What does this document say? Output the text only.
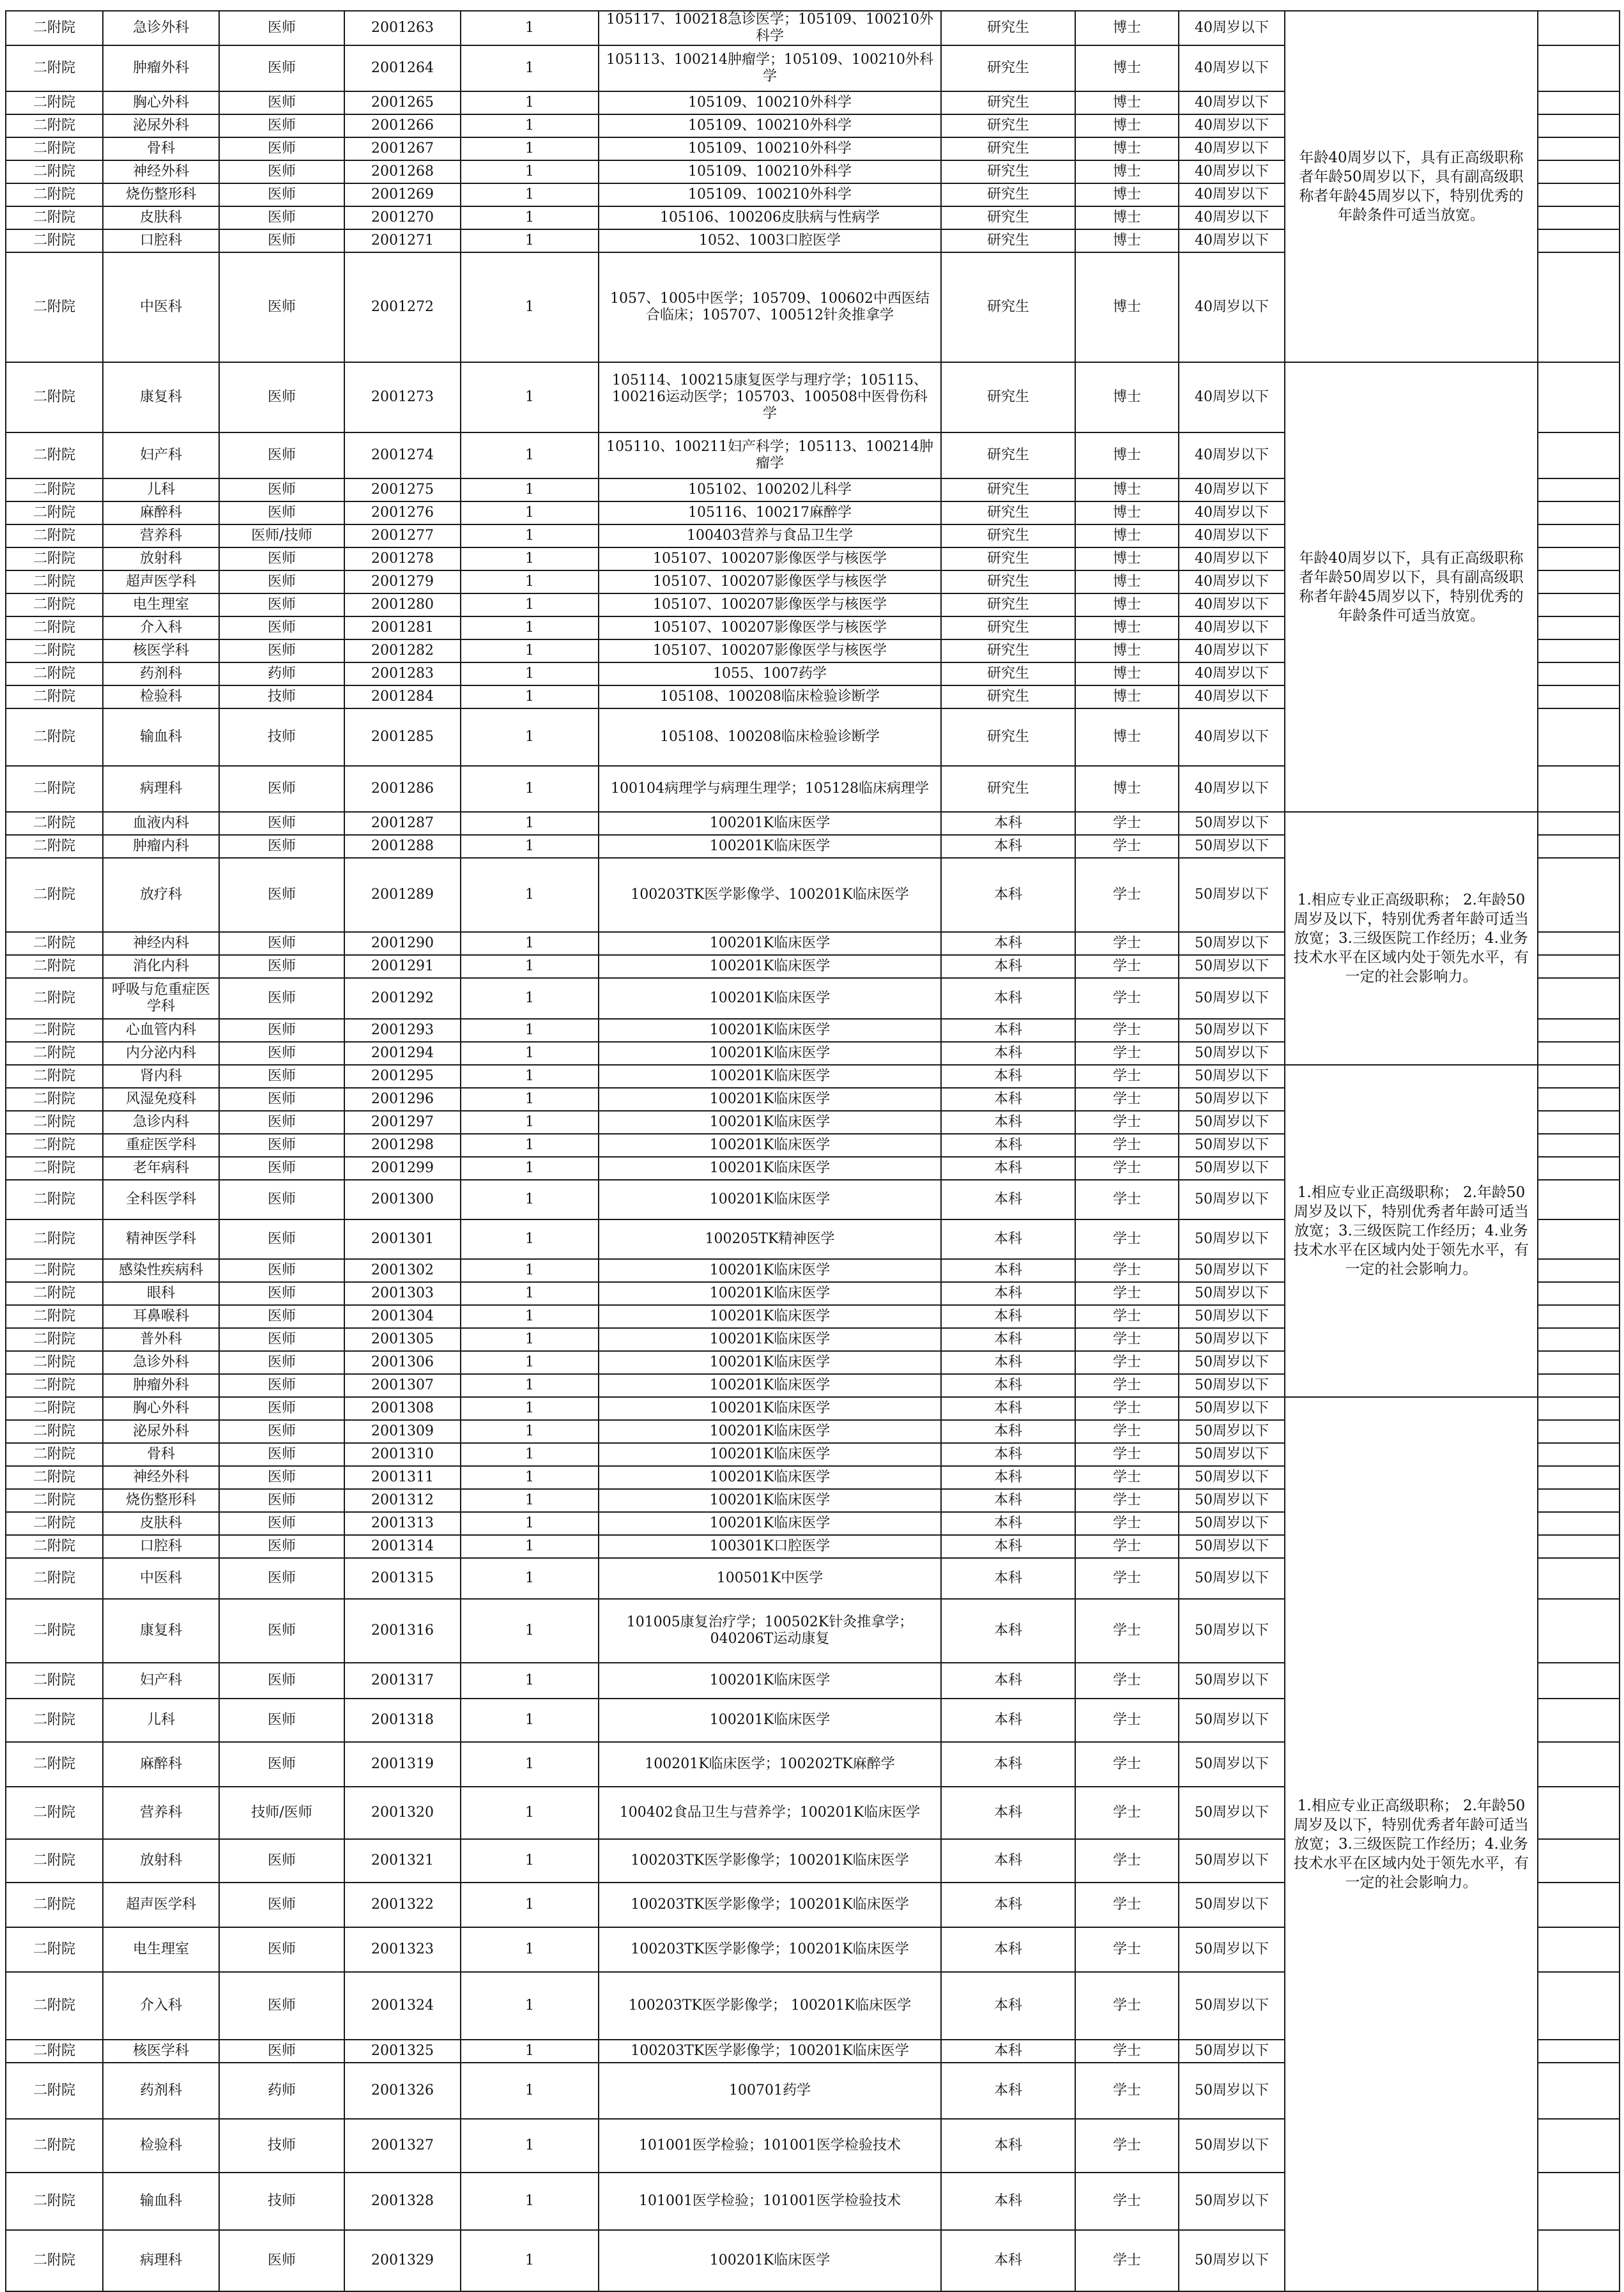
二附院	急诊外科	医师	2001263	1	105117、100218急诊医学；105109、100210外科学	研究生	博士	40周岁以下	年龄40周岁以下，具有正高级职称者年龄50周岁以下，具有副高级职称者年龄45周岁以下，特别优秀的年龄条件可适当放宽。	
二附院	肿瘤外科	医师	2001264	1	105113、100214肿瘤学；105109、100210外科学	研究生	博士	40周岁以下		
二附院	胸心外科	医师	2001265	1	105109、100210外科学	研究生	博士	40周岁以下		
二附院	泌尿外科	医师	2001266	1	105109、100210外科学	研究生	博士	40周岁以下		
二附院	骨科	医师	2001267	1	105109、100210外科学	研究生	博士	40周岁以下		
二附院	神经外科	医师	2001268	1	105109、100210外科学	研究生	博士	40周岁以下		
二附院	烧伤整形科	医师	2001269	1	105109、100210外科学	研究生	博士	40周岁以下		
二附院	皮肤科	医师	2001270	1	105106、100206皮肤病与性病学	研究生	博士	40周岁以下		
二附院	口腔科	医师	2001271	1	1052、1003口腔医学	研究生	博士	40周岁以下		
二附院	中医科	医师	2001272	1	1057、1005中医学；105709、100602中西医结合临床；105707、100512针灸推拿学	研究生	博士	40周岁以下		
二附院	康复科	医师	2001273	1	105114、100215康复医学与理疗学；105115、100216运动医学；105703、100508中医骨伤科学	研究生	博士	40周岁以下	年龄40周岁以下，具有正高级职称者年龄50周岁以下，具有副高级职称者年龄45周岁以下，特别优秀的年龄条件可适当放宽。	
二附院	妇产科	医师	2001274	1	105110、100211妇产科学；105113、100214肿瘤学	研究生	博士	40周岁以下		
二附院	儿科	医师	2001275	1	105102、100202儿科学	研究生	博士	40周岁以下		
二附院	麻醉科	医师	2001276	1	105116、100217麻醉学	研究生	博士	40周岁以下		
二附院	营养科	医师/技师	2001277	1	100403营养与食品卫生学	研究生	博士	40周岁以下		
二附院	放射科	医师	2001278	1	105107、100207影像医学与核医学	研究生	博士	40周岁以下		
二附院	超声医学科	医师	2001279	1	105107、100207影像医学与核医学	研究生	博士	40周岁以下		
二附院	电生理室	医师	2001280	1	105107、100207影像医学与核医学	研究生	博士	40周岁以下		
二附院	介入科	医师	2001281	1	105107、100207影像医学与核医学	研究生	博士	40周岁以下		
二附院	核医学科	医师	2001282	1	105107、100207影像医学与核医学	研究生	博士	40周岁以下		
二附院	药剂科	药师	2001283	1	1055、1007药学	研究生	博士	40周岁以下		
二附院	检验科	技师	2001284	1	105108、100208临床检验诊断学	研究生	博士	40周岁以下		
二附院	输血科	技师	2001285	1	105108、100208临床检验诊断学	研究生	博士	40周岁以下		
二附院	病理科	医师	2001286	1	100104病理学与病理生理学；105128临床病理学	研究生	博士	40周岁以下		
二附院	血液内科	医师	2001287	1	100201K临床医学	本科	学士	50周岁以下	1.相应专业正高级职称； 2.年龄50周岁及以下，特别优秀者年龄可适当放宽；3.三级医院工作经历；4.业务技术水平在区域内处于领先水平，有一定的社会影响力。	
二附院	肿瘤内科	医师	2001288	1	100201K临床医学	本科	学士	50周岁以下		
二附院	放疗科	医师	2001289	1	100203TK医学影像学、100201K临床医学	本科	学士	50周岁以下		
二附院	神经内科	医师	2001290	1	100201K临床医学	本科	学士	50周岁以下		
二附院	消化内科	医师	2001291	1	100201K临床医学	本科	学士	50周岁以下		
二附院	呼吸与危重症医学科	医师	2001292	1	100201K临床医学	本科	学士	50周岁以下		
二附院	心血管内科	医师	2001293	1	100201K临床医学	本科	学士	50周岁以下		
二附院	内分泌内科	医师	2001294	1	100201K临床医学	本科	学士	50周岁以下		
二附院	肾内科	医师	2001295	1	100201K临床医学	本科	学士	50周岁以下	1.相应专业正高级职称； 2.年龄50周岁及以下，特别优秀者年龄可适当放宽；3.三级医院工作经历；4.业务技术水平在区域内处于领先水平，有一定的社会影响力。	
二附院	风湿免疫科	医师	2001296	1	100201K临床医学	本科	学士	50周岁以下		
二附院	急诊内科	医师	2001297	1	100201K临床医学	本科	学士	50周岁以下		
二附院	重症医学科	医师	2001298	1	100201K临床医学	本科	学士	50周岁以下		
二附院	老年病科	医师	2001299	1	100201K临床医学	本科	学士	50周岁以下		
二附院	全科医学科	医师	2001300	1	100201K临床医学	本科	学士	50周岁以下		
二附院	精神医学科	医师	2001301	1	100205TK精神医学	本科	学士	50周岁以下		
二附院	感染性疾病科	医师	2001302	1	100201K临床医学	本科	学士	50周岁以下		
二附院	眼科	医师	2001303	1	100201K临床医学	本科	学士	50周岁以下		
二附院	耳鼻喉科	医师	2001304	1	100201K临床医学	本科	学士	50周岁以下		
二附院	普外科	医师	2001305	1	100201K临床医学	本科	学士	50周岁以下		
二附院	急诊外科	医师	2001306	1	100201K临床医学	本科	学士	50周岁以下		
二附院	肿瘤外科	医师	2001307	1	100201K临床医学	本科	学士	50周岁以下		
二附院	胸心外科	医师	2001308	1	100201K临床医学	本科	学士	50周岁以下	1.相应专业正高级职称； 2.年龄50周岁及以下，特别优秀者年龄可适当放宽；3.三级医院工作经历；4.业务技术水平在区域内处于领先水平，有一定的社会影响力。	
二附院	泌尿外科	医师	2001309	1	100201K临床医学	本科	学士	50周岁以下		
二附院	骨科	医师	2001310	1	100201K临床医学	本科	学士	50周岁以下		
二附院	神经外科	医师	2001311	1	100201K临床医学	本科	学士	50周岁以下		
二附院	烧伤整形科	医师	2001312	1	100201K临床医学	本科	学士	50周岁以下		
二附院	皮肤科	医师	2001313	1	100201K临床医学	本科	学士	50周岁以下		
二附院	口腔科	医师	2001314	1	100301K口腔医学	本科	学士	50周岁以下		
二附院	中医科	医师	2001315	1	100501K中医学	本科	学士	50周岁以下		
二附院	康复科	医师	2001316	1	101005康复治疗学；100502K针灸推拿学；040206T运动康复	本科	学士	50周岁以下		
二附院	妇产科	医师	2001317	1	100201K临床医学	本科	学士	50周岁以下		
二附院	儿科	医师	2001318	1	100201K临床医学	本科	学士	50周岁以下		
二附院	麻醉科	医师	2001319	1	100201K临床医学；100202TK麻醉学	本科	学士	50周岁以下		
二附院	营养科	技师/医师	2001320	1	100402食品卫生与营养学；100201K临床医学	本科	学士	50周岁以下		
二附院	放射科	医师	2001321	1	100203TK医学影像学；100201K临床医学	本科	学士	50周岁以下		
二附院	超声医学科	医师	2001322	1	100203TK医学影像学；100201K临床医学	本科	学士	50周岁以下		
二附院	电生理室	医师	2001323	1	100203TK医学影像学；100201K临床医学	本科	学士	50周岁以下		
二附院	介入科	医师	2001324	1	100203TK医学影像学； 100201K临床医学	本科	学士	50周岁以下		
二附院	核医学科	医师	2001325	1	100203TK医学影像学；100201K临床医学	本科	学士	50周岁以下		
二附院	药剂科	药师	2001326	1	100701药学	本科	学士	50周岁以下		
二附院	检验科	技师	2001327	1	101001医学检验；101001医学检验技术	本科	学士	50周岁以下		
二附院	输血科	技师	2001328	1	101001医学检验；101001医学检验技术	本科	学士	50周岁以下		
二附院	病理科	医师	2001329	1	100201K临床医学	本科	学士	50周岁以下		
